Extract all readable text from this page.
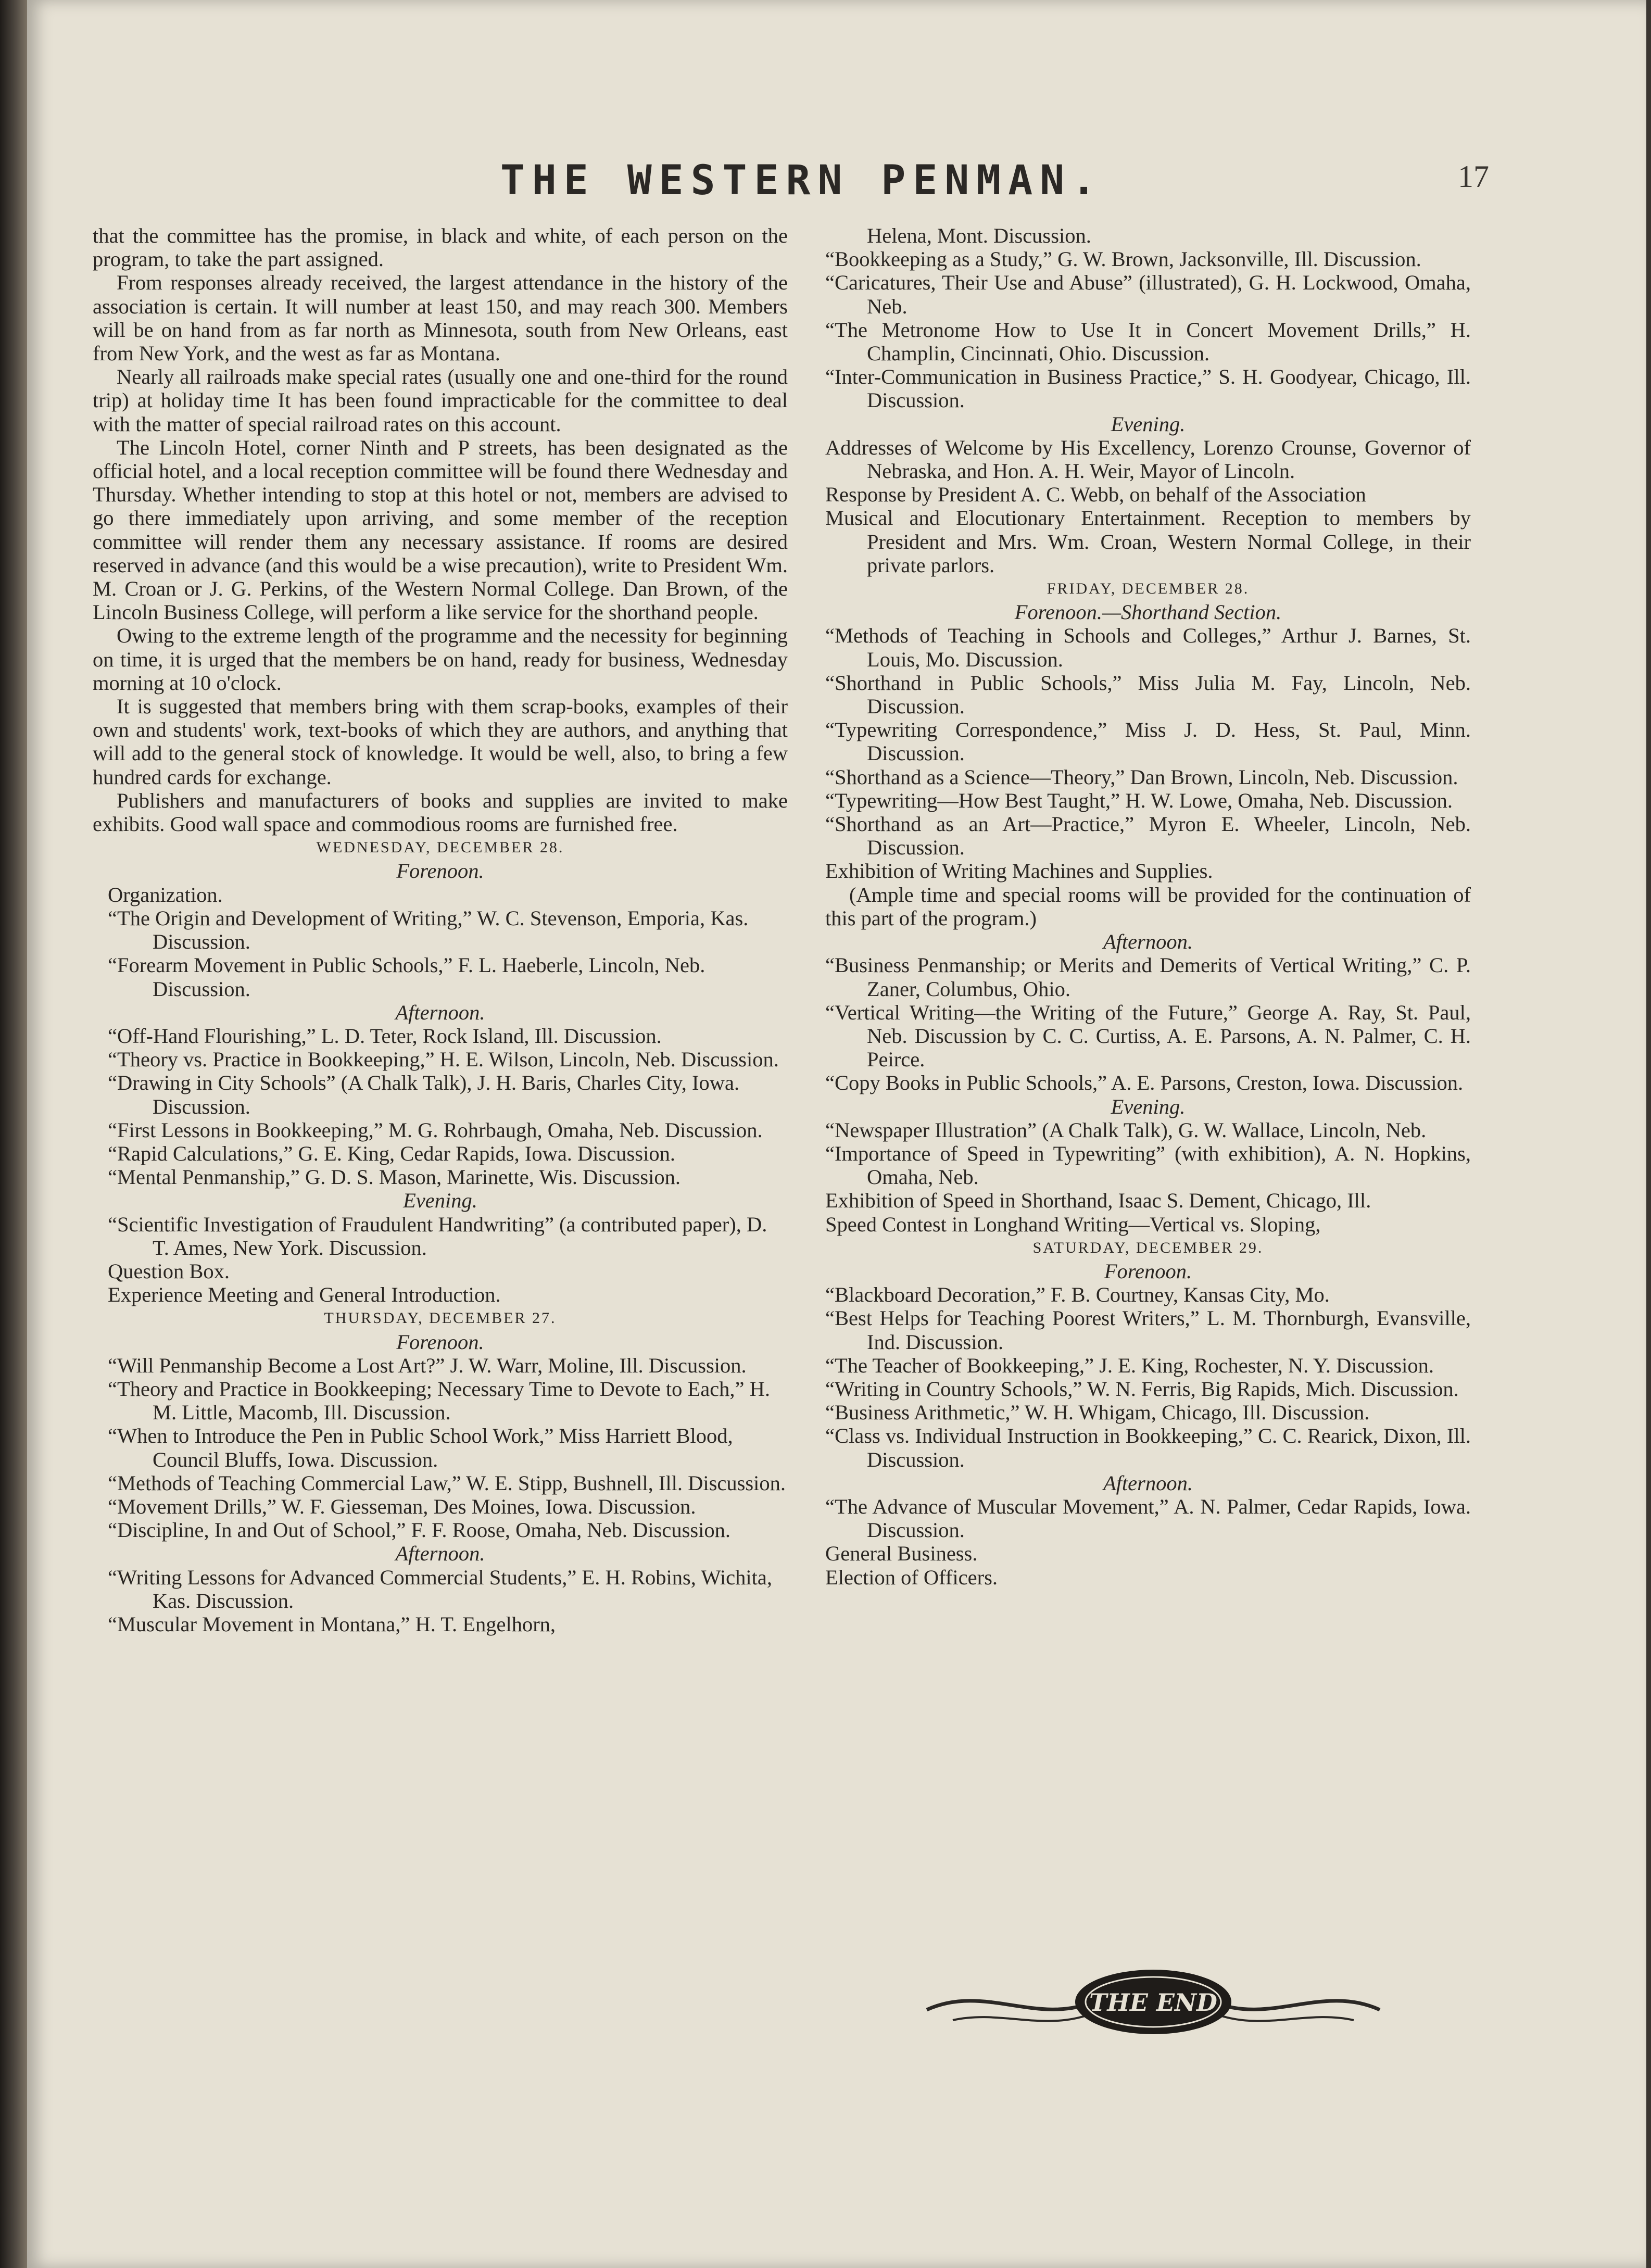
THE WESTERN PENMAN.	17

that the committee has the promise, in black and white, of each person on the program, to take the part assigned.

From responses already received, the largest attendance in the history of the association is certain. It will number at least 150, and may reach 300. Members will be on hand from as far north as Minnesota, south from New Orleans, east from New York, and the west as far as Montana.

Nearly all railroads make special rates (usually one and one-third for the round trip) at holiday time It has been found impracticable for the committee to deal with the matter of special railroad rates on this account.

The Lincoln Hotel, corner Ninth and P streets, has been designated as the official hotel, and a local reception committee will be found there Wednesday and Thursday. Whether intending to stop at this hotel or not, members are advised to go there immediately upon arriving, and some member of the reception committee will render them any necessary assistance. If rooms are desired reserved in advance (and this would be a wise precaution), write to President Wm. M. Croan or J. G. Perkins, of the Western Normal College. Dan Brown, of the Lincoln Business College, will perform a like service for the shorthand people.

Owing to the extreme length of the programme and the necessity for beginning on time, it is urged that the members be on hand, ready for business, Wednesday morning at 10 o'clock.

It is suggested that members bring with them scrap-books, examples of their own and students' work, text-books of which they are authors, and anything that will add to the general stock of knowledge. It would be well, also, to bring a few hundred cards for exchange.

Publishers and manufacturers of books and supplies are invited to make exhibits. Good wall space and commodious rooms are furnished free.

WEDNESDAY, DECEMBER 28.

Forenoon.

Organization.

“The Origin and Development of Writing,” W. C. Stevenson, Emporia, Kas. Discussion.

“Forearm Movement in Public Schools,” F. L. Haeberle, Lincoln, Neb. Discussion.

Afternoon.

“Off-Hand Flourishing,” L. D. Teter, Rock Island, Ill. Discussion.

“Theory vs. Practice in Bookkeeping,” H. E. Wilson, Lincoln, Neb. Discussion.

“Drawing in City Schools” (A Chalk Talk), J. H. Baris, Charles City, Iowa. Discussion.

“First Lessons in Bookkeeping,” M. G. Rohrbaugh, Omaha, Neb. Discussion.

“Rapid Calculations,” G. E. King, Cedar Rapids, Iowa. Discussion.

“Mental Penmanship,” G. D. S. Mason, Marinette, Wis. Discussion.

Evening.

“Scientific Investigation of Fraudulent Handwriting” (a contributed paper), D. T. Ames, New York. Discussion.

Question Box.

Experience Meeting and General Introduction.

THURSDAY, DECEMBER 27.

Forenoon.

“Will Penmanship Become a Lost Art?” J. W. Warr, Moline, Ill. Discussion.

“Theory and Practice in Bookkeeping; Necessary Time to Devote to Each,” H. M. Little, Macomb, Ill. Discussion.

“When to Introduce the Pen in Public School Work,” Miss Harriett Blood, Council Bluffs, Iowa. Discussion.

“Methods of Teaching Commercial Law,” W. E. Stipp, Bushnell, Ill. Discussion.

“Movement Drills,” W. F. Giesseman, Des Moines, Iowa. Discussion.

“Discipline, In and Out of School,” F. F. Roose, Omaha, Neb. Discussion.

Afternoon.

“Writing Lessons for Advanced Commercial Students,” E. H. Robins, Wichita, Kas. Discussion.

“Muscular Movement in Montana,” H. T. Engelhorn,

Helena, Mont. Discussion.

“Bookkeeping as a Study,” G. W. Brown, Jacksonville, Ill. Discussion.

“Caricatures, Their Use and Abuse” (illustrated), G. H. Lockwood, Omaha, Neb.

“The Metronome How to Use It in Concert Movement Drills,” H. Champlin, Cincinnati, Ohio. Discussion.

“Inter-Communication in Business Practice,” S. H. Goodyear, Chicago, Ill. Discussion.

Evening.

Addresses of Welcome by His Excellency, Lorenzo Crounse, Governor of Nebraska, and Hon. A. H. Weir, Mayor of Lincoln.

Response by President A. C. Webb, on behalf of the Association

Musical and Elocutionary Entertainment. Reception to members by President and Mrs. Wm. Croan, Western Normal College, in their private parlors.

FRIDAY, DECEMBER 28.

Forenoon.—Shorthand Section.

“Methods of Teaching in Schools and Colleges,” Arthur J. Barnes, St. Louis, Mo. Discussion.

“Shorthand in Public Schools,” Miss Julia M. Fay, Lincoln, Neb. Discussion.

“Typewriting Correspondence,” Miss J. D. Hess, St. Paul, Minn. Discussion.

“Shorthand as a Science—Theory,” Dan Brown, Lincoln, Neb. Discussion.

“Typewriting—How Best Taught,” H. W. Lowe, Omaha, Neb. Discussion.

“Shorthand as an Art—Practice,” Myron E. Wheeler, Lincoln, Neb. Discussion.

Exhibition of Writing Machines and Supplies.

(Ample time and special rooms will be provided for the continuation of this part of the program.)

Afternoon.

“Business Penmanship; or Merits and Demerits of Vertical Writing,” C. P. Zaner, Columbus, Ohio.

“Vertical Writing—the Writing of the Future,” George A. Ray, St. Paul, Neb. Discussion by C. C. Curtiss, A. E. Parsons, A. N. Palmer, C. H. Peirce.

“Copy Books in Public Schools,” A. E. Parsons, Creston, Iowa. Discussion.

Evening.

“Newspaper Illustration” (A Chalk Talk), G. W. Wallace, Lincoln, Neb.

“Importance of Speed in Typewriting” (with exhibition), A. N. Hopkins, Omaha, Neb.

Exhibition of Speed in Shorthand, Isaac S. Dement, Chicago, Ill.

Speed Contest in Longhand Writing—Vertical vs. Sloping,

SATURDAY, DECEMBER 29.

Forenoon.

“Blackboard Decoration,” F. B. Courtney, Kansas City, Mo.

“Best Helps for Teaching Poorest Writers,” L. M. Thornburgh, Evansville, Ind. Discussion.

“The Teacher of Bookkeeping,” J. E. King, Rochester, N. Y. Discussion.

“Writing in Country Schools,” W. N. Ferris, Big Rapids, Mich. Discussion.

“Business Arithmetic,” W. H. Whigam, Chicago, Ill. Discussion.

“Class vs. Individual Instruction in Bookkeeping,” C. C. Rearick, Dixon, Ill. Discussion.

Afternoon.

“The Advance of Muscular Movement,” A. N. Palmer, Cedar Rapids, Iowa. Discussion.

General Business.

Election of Officers.

THE END
